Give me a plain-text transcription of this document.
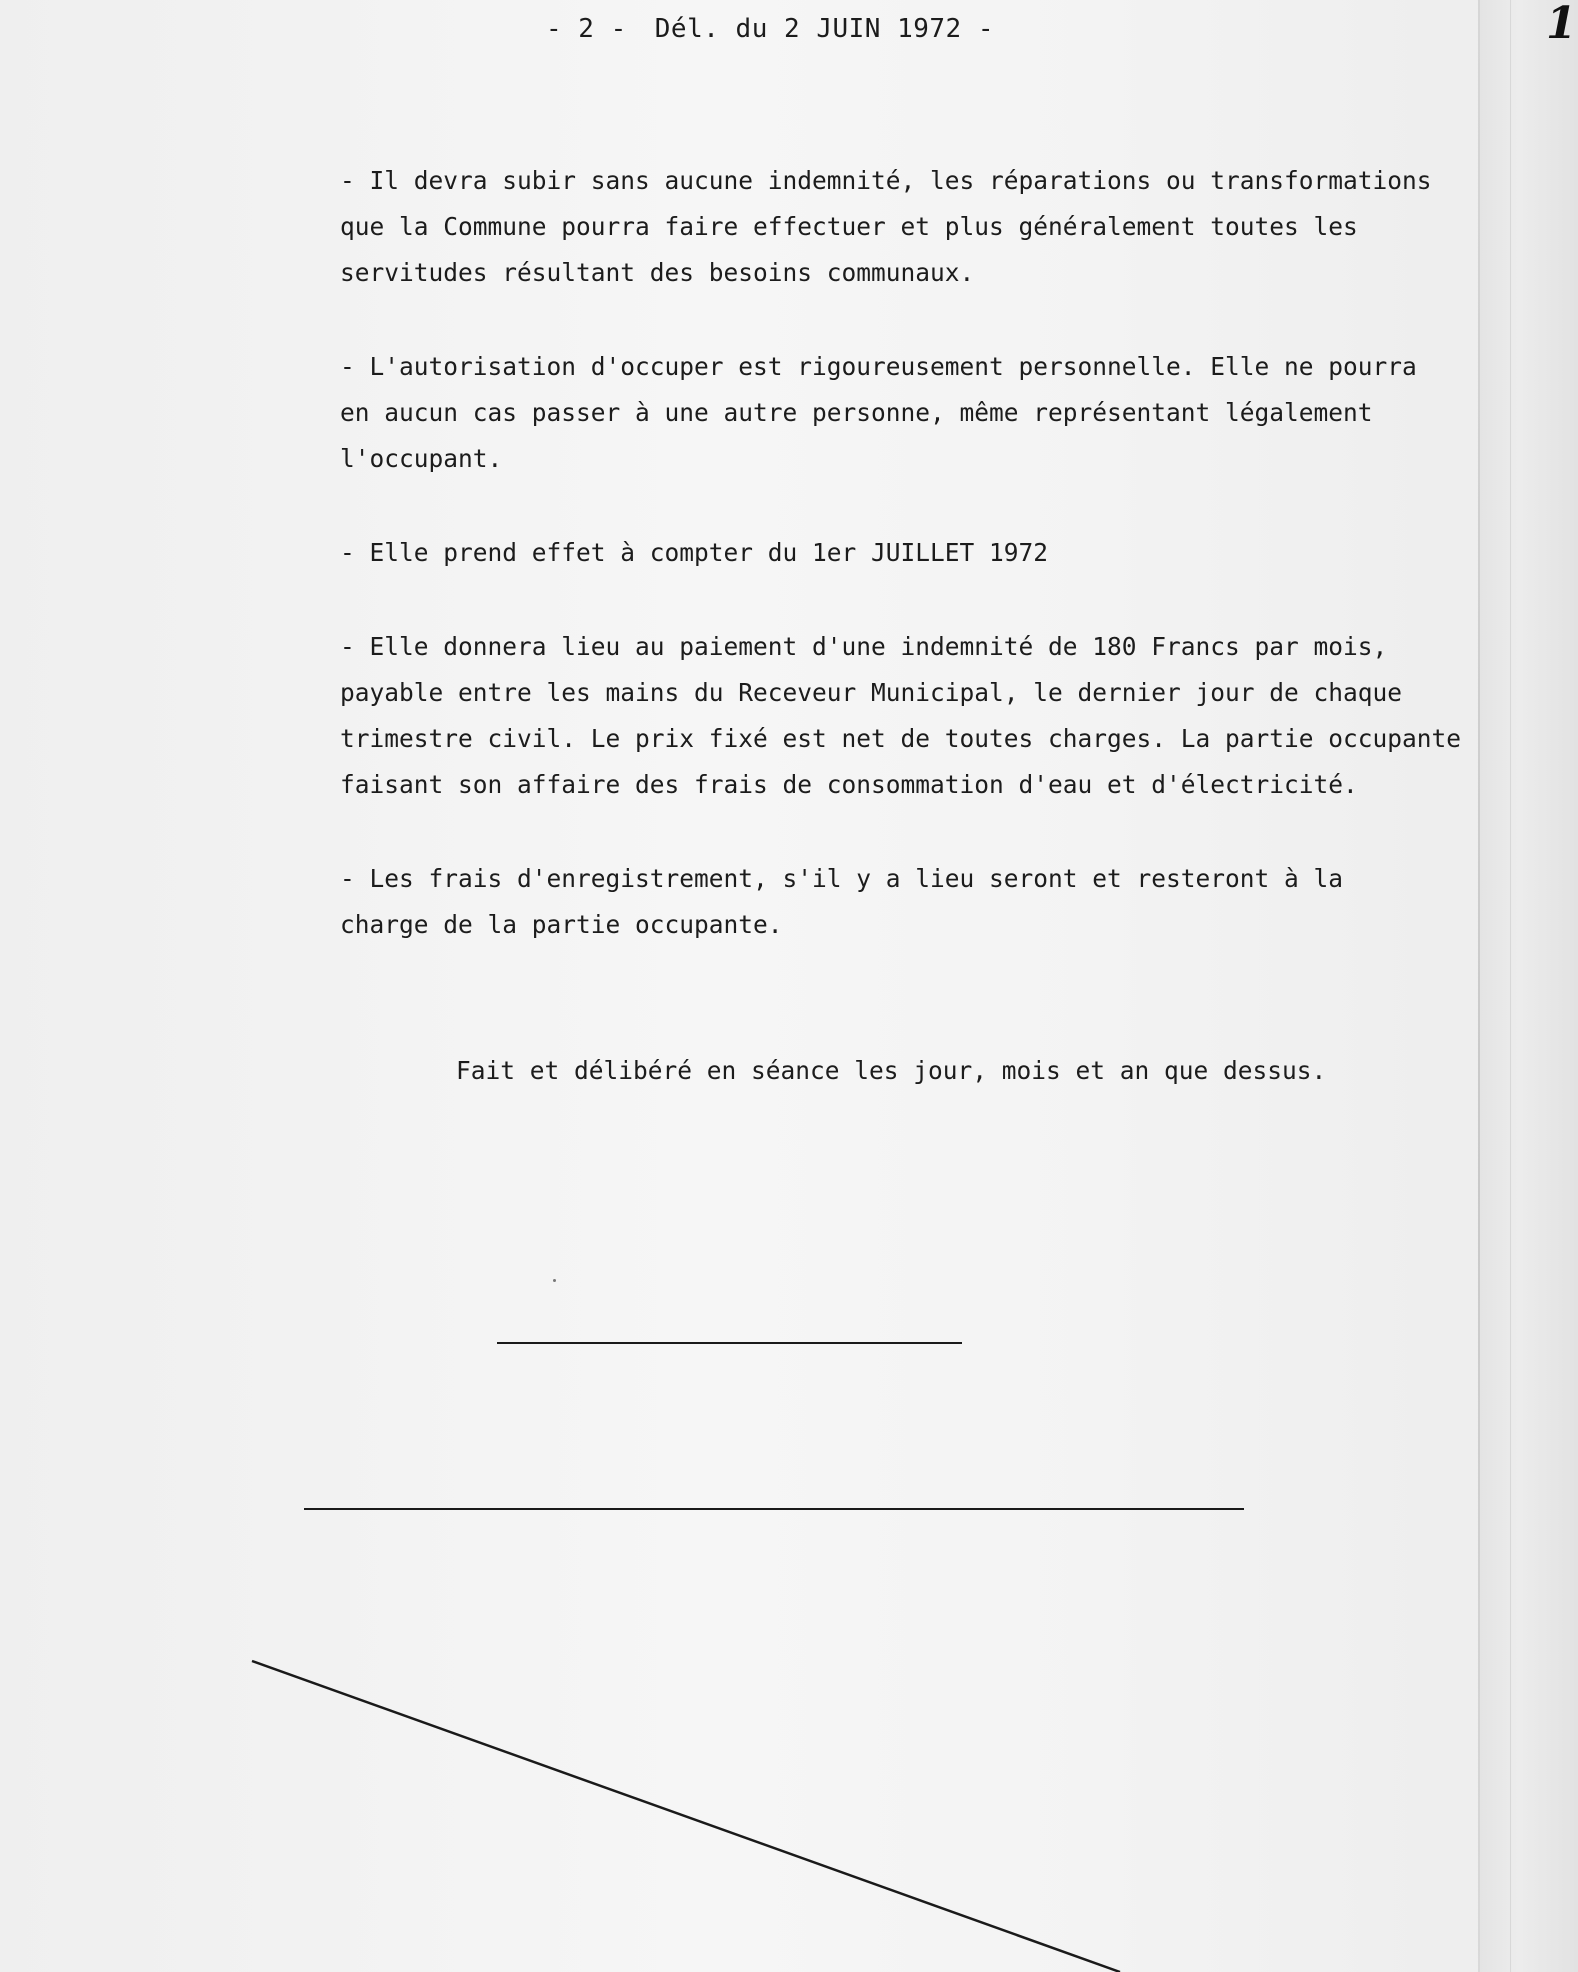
- 2 - Dél. du 2 JUIN 1972 -	1

- Il devra subir sans aucune indemnité, les réparations ou transformations
que la Commune pourra faire effectuer et plus généralement toutes les
servitudes résultant des besoins communaux.

- L'autorisation d'occuper est rigoureusement personnelle. Elle ne pourra
en aucun cas passer à une autre personne, même représentant légalement
l'occupant.

- Elle prend effet à compter du 1er JUILLET 1972

- Elle donnera lieu au paiement d'une indemnité de 180 Francs par mois,
payable entre les mains du Receveur Municipal, le dernier jour de chaque
trimestre civil. Le prix fixé est net de toutes charges. La partie occupante
faisant son affaire des frais de consommation d'eau et d'électricité.

- Les frais d'enregistrement, s'il y a lieu seront et resteront à la
charge de la partie occupante.

Fait et délibéré en séance les jour, mois et an que dessus.
